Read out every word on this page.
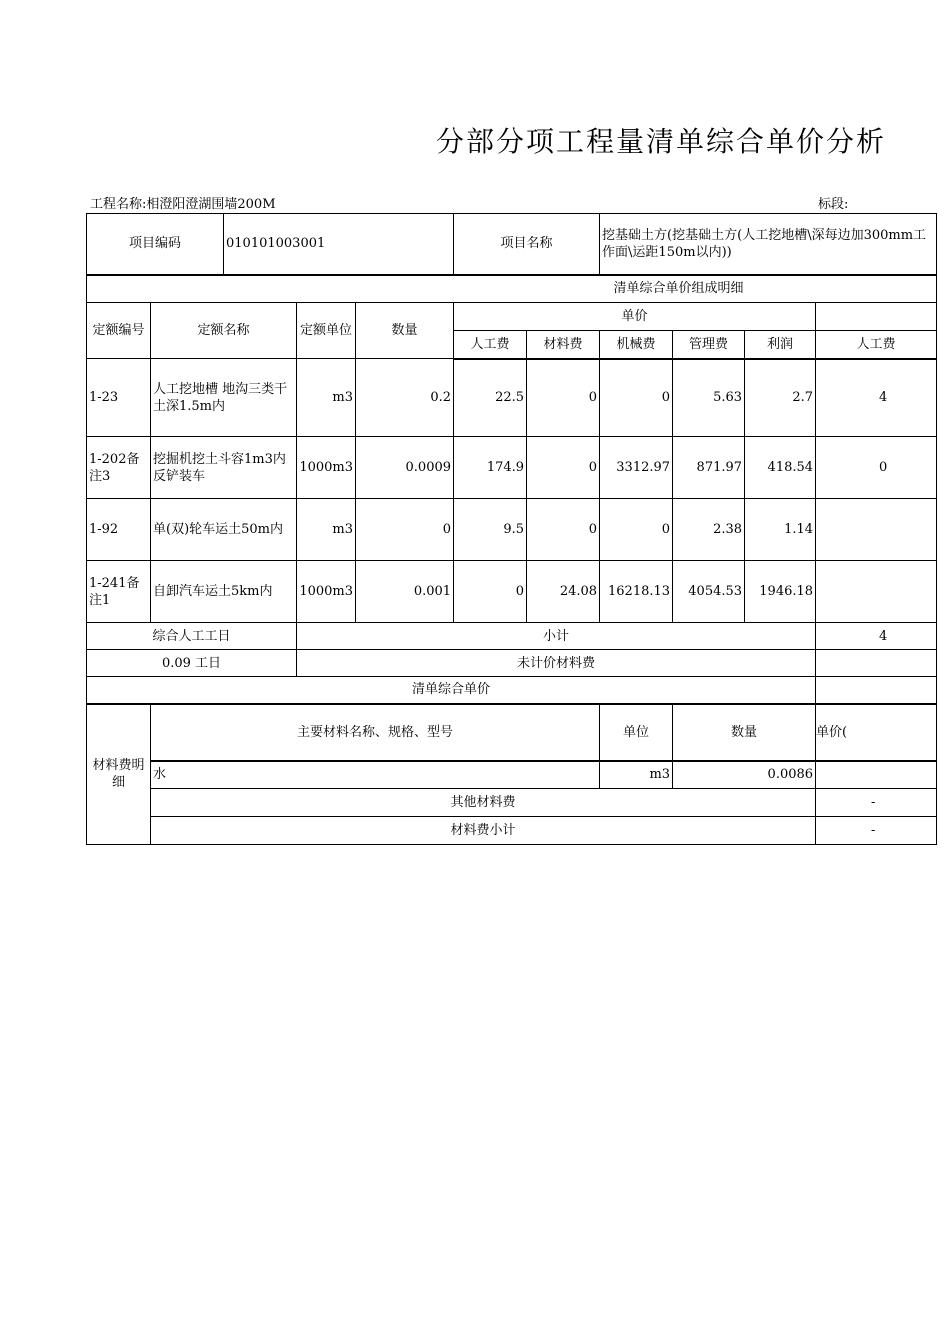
分部分项工程量清单综合单价分析
工程名称:相澄阳澄湖围墙200M	标段:
项目编码		010101003001			项目名称		挖基础土方(挖基础土方(人工挖地槽\深每边加300mm工作面\运距150m以内))			
							清单综合单价组成明细			
定额编号	定额名称		定额单位	数量	单价					
					人工费	材料费	机械费	管理费	利润	人工费
1-23	人工挖地槽 地沟三类干土深1.5m内		m3	0.2	22.5	0	0	5.63	2.7	4
1-202备注3	挖掘机挖土斗容1m3内反铲装车		1000m3	0.0009	174.9	0	3312.97	871.97	418.54	0
1-92	单(双)轮车运土50m内		m3	0	9.5	0	0	2.38	1.14	
1-241备注1	自卸汽车运土5km内		1000m3	0.001	0	24.08	16218.13	4054.53	1946.18	
综合人工工日			小计							4
0.09 工日			未计价材料费							
清单综合单价										
材料费明细	主要材料名称、规格、型号						单位	数量		单价(
	水						m3	0.0086		
	其他材料费									-
	材料费小计									-
